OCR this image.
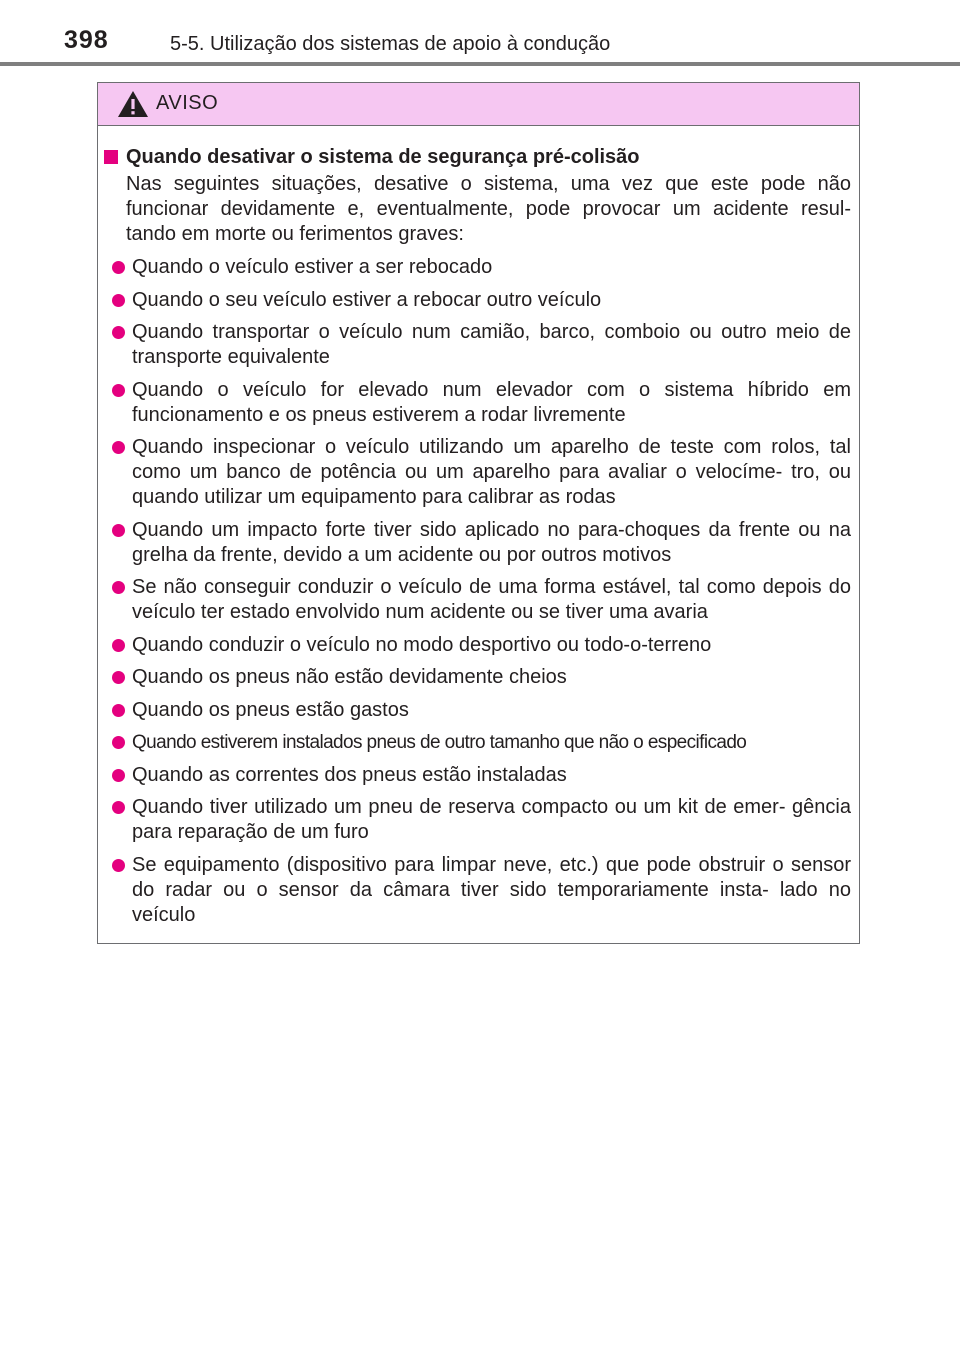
398	5-5. Utilização dos sistemas de apoio à condução
AVISO
Quando desativar o sistema de segurança pré-colisão
Nas seguintes situações, desative o sistema, uma vez que este pode não funcionar devidamente e, eventualmente, pode provocar um acidente resul- tando em morte ou ferimentos graves:
Quando o veículo estiver a ser rebocado
Quando o seu veículo estiver a rebocar outro veículo
Quando transportar o veículo num camião, barco, comboio ou outro meio de transporte equivalente
Quando o veículo for elevado num elevador com o sistema híbrido em funcionamento e os pneus estiverem a rodar livremente
Quando inspecionar o veículo utilizando um aparelho de teste com rolos, tal como um banco de potência ou um aparelho para avaliar o velocíme- tro, ou quando utilizar um equipamento para calibrar as rodas
Quando um impacto forte tiver sido aplicado no para-choques da frente ou na grelha da frente, devido a um acidente ou por outros motivos
Se não conseguir conduzir o veículo de uma forma estável, tal como depois do veículo ter estado envolvido num acidente ou se tiver uma avaria
Quando conduzir o veículo no modo desportivo ou todo-o-terreno
Quando os pneus não estão devidamente cheios
Quando os pneus estão gastos
Quando estiverem instalados pneus de outro tamanho que não o especificado
Quando as correntes dos pneus estão instaladas
Quando tiver utilizado um pneu de reserva compacto ou um kit de emer- gência para reparação de um furo
Se equipamento (dispositivo para limpar neve, etc.) que pode obstruir o sensor do radar ou o sensor da câmara tiver sido temporariamente insta- lado no veículo
